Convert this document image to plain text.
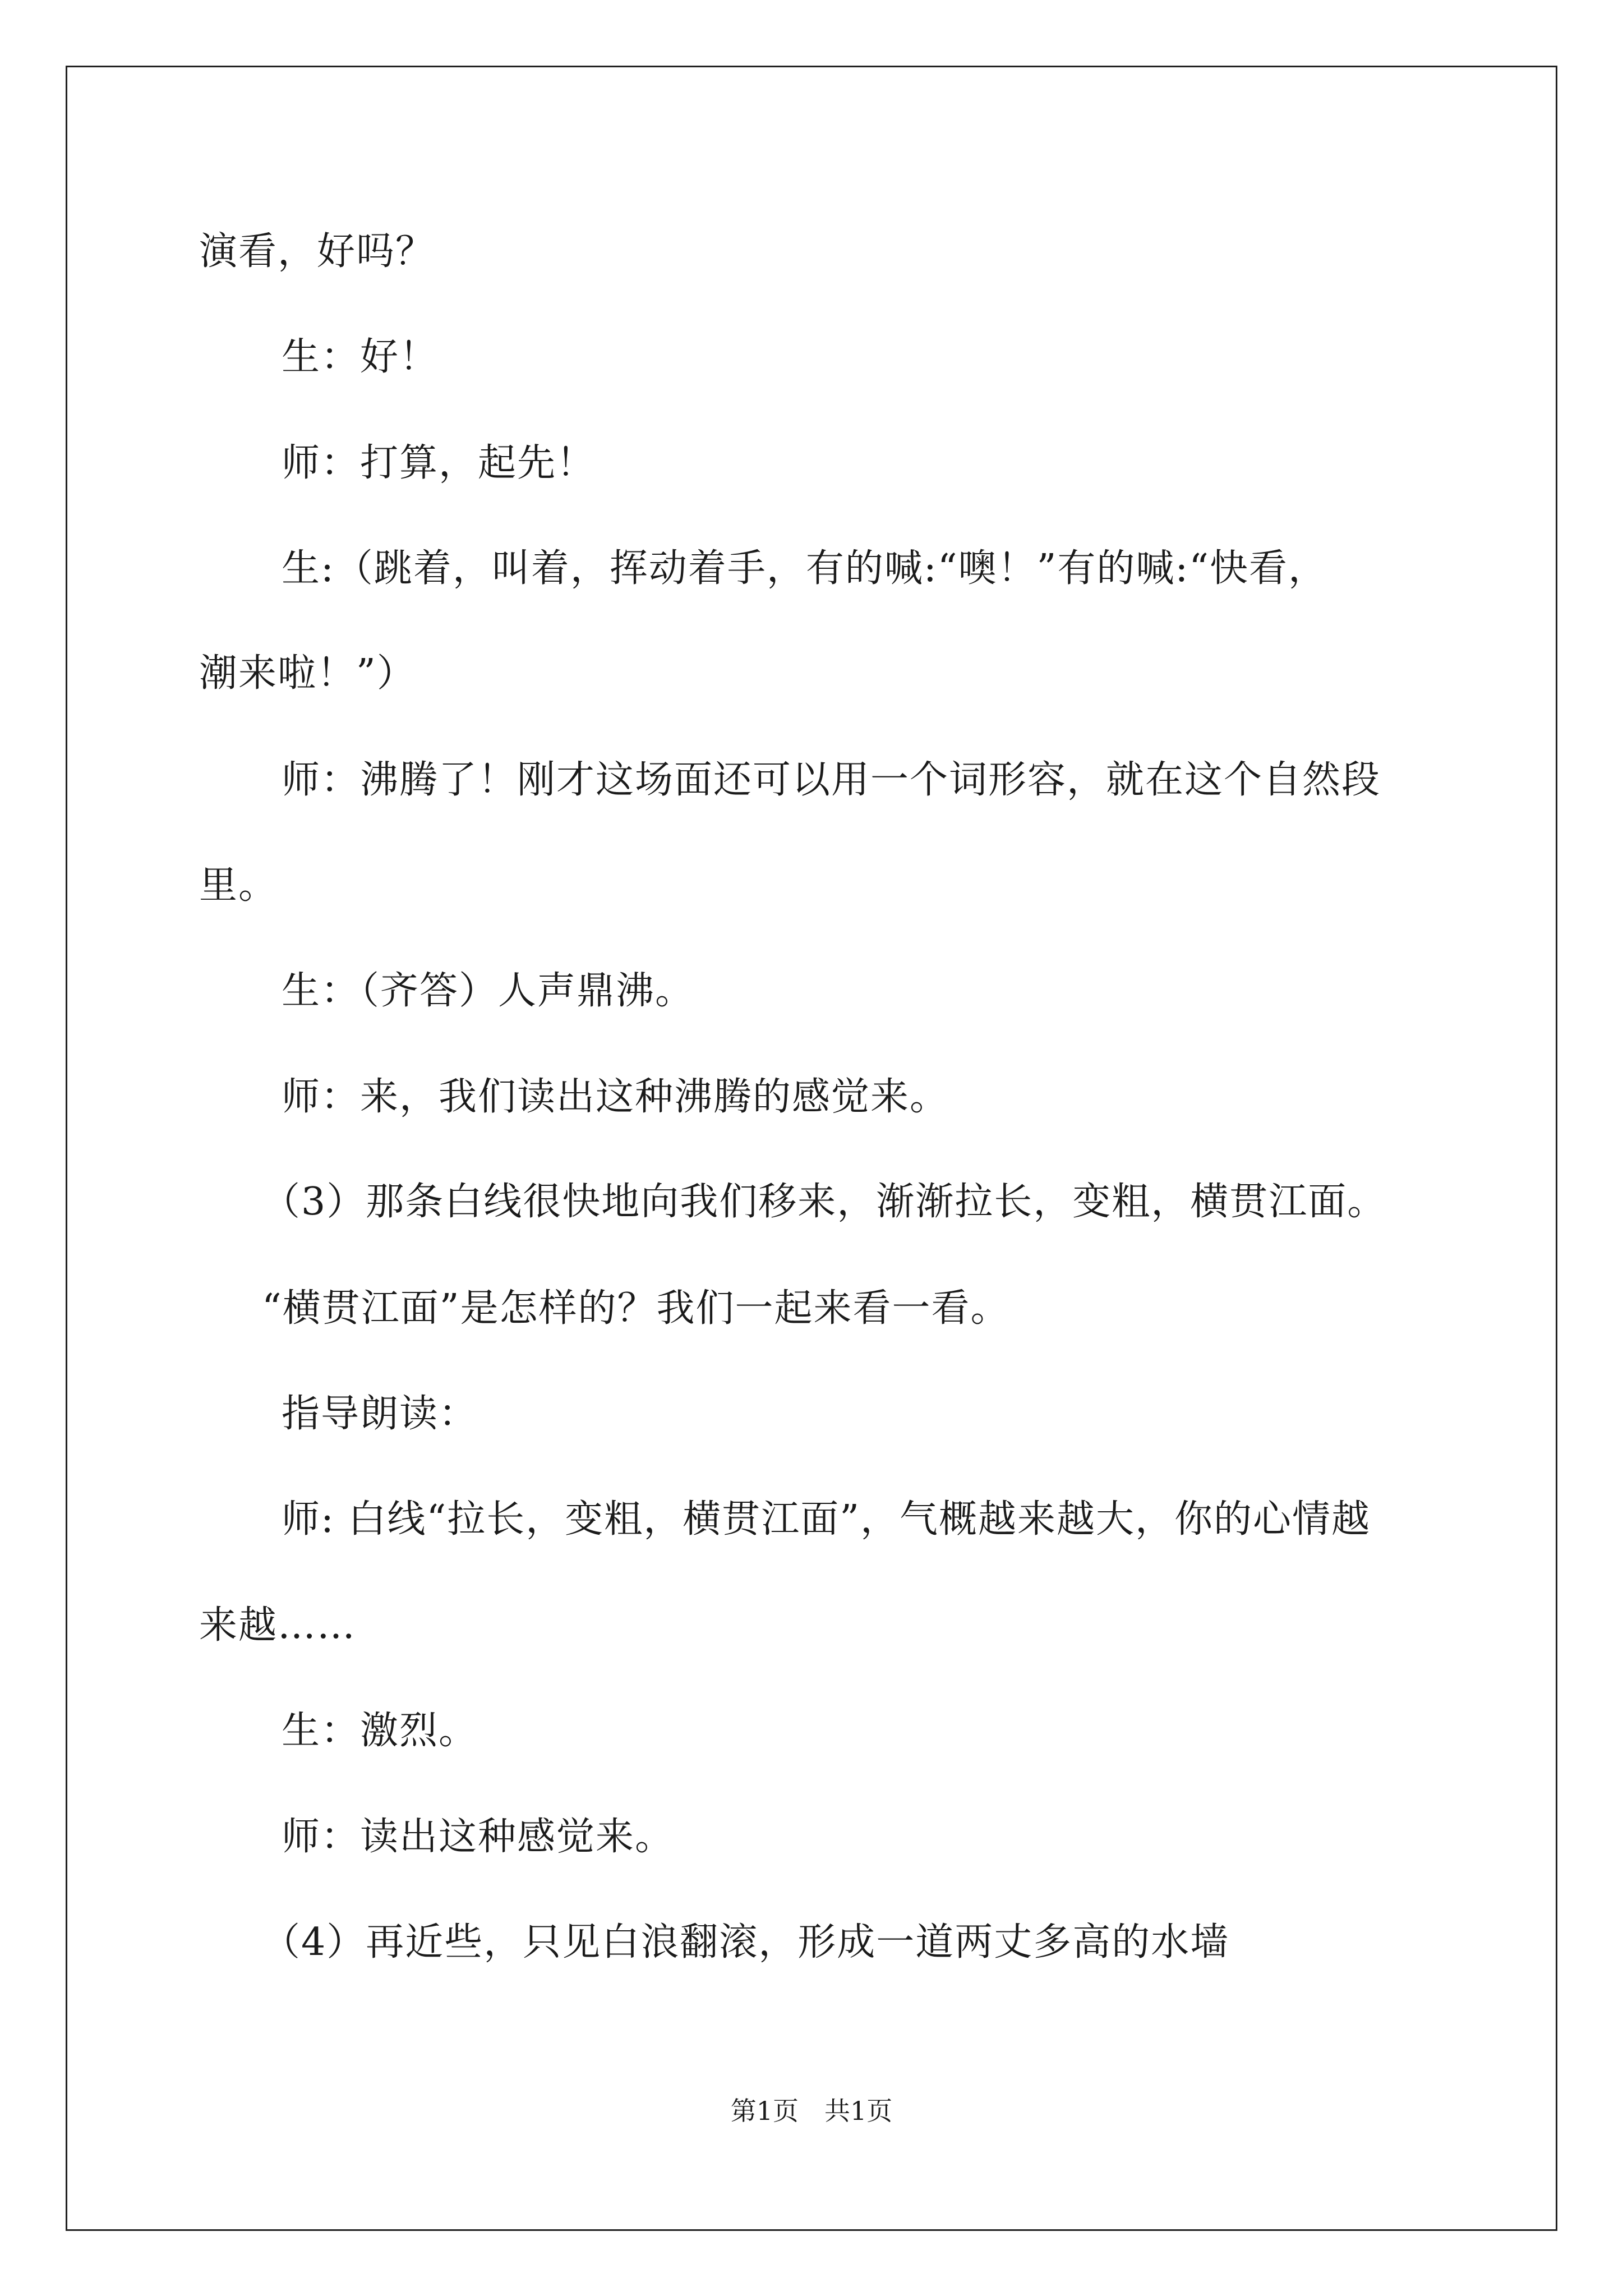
演看，好吗？
生：好！
师：打算，起先！
生:（跳着，叫着，挥动着手，有的喊:“噢！”有的喊:“快看，
潮来啦！”）
师：沸腾了！刚才这场面还可以用一个词形容，就在这个自然段
里。
生：（齐答）人声鼎沸。
师：来，我们读出这种沸腾的感觉来。
（3）那条白线很快地向我们移来，渐渐拉长，变粗，横贯江面。
“横贯江面”是怎样的？我们一起来看一看。
指导朗读：
师: 白线“拉长，变粗，横贯江面”，气概越来越大，你的心情越
来越……
生：激烈。
师：读出这种感觉来。
（4）再近些，只见白浪翻滚，形成一道两丈多高的水墙
第1页　共1页
